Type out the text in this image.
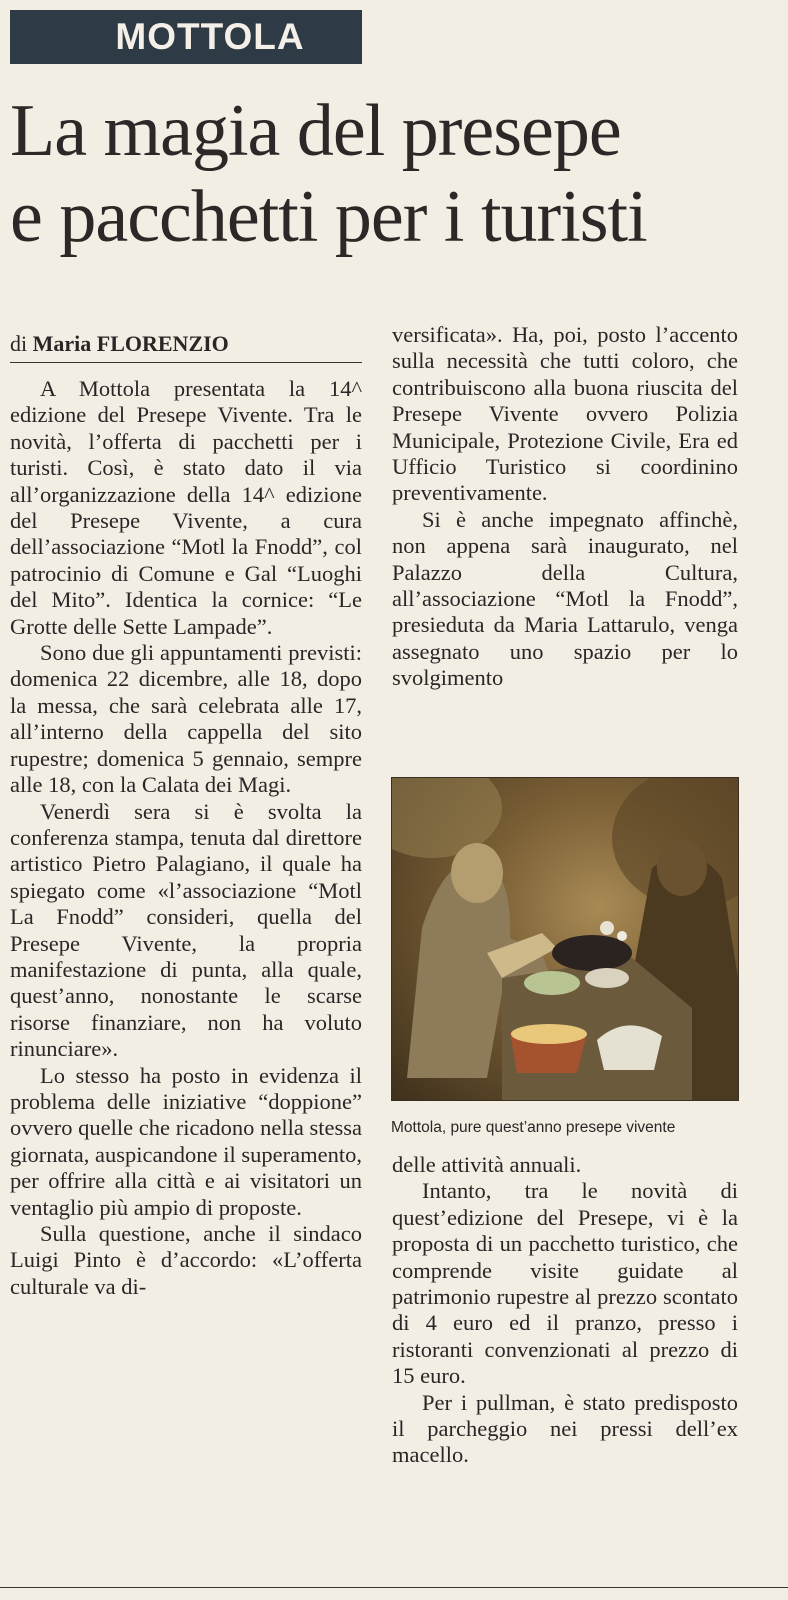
MOTTOLA
La magia del presepe
e pacchetti per i turisti
di Maria FLORENZIO

A Mottola presentata la 14^ edizione del Presepe Vivente. Tra le novità, l’offerta di pacchetti per i turisti. Così, è stato dato il via all’organizzazione della 14^ edizione del Presepe Vivente, a cura dell’associazione “Motl la Fnodd”, col patrocinio di Comune e Gal “Luoghi del Mito”. Identica la cornice: “Le Grotte delle Sette Lampade”.

Sono due gli appuntamenti previsti: domenica 22 dicembre, alle 18, dopo la messa, che sarà celebrata alle 17, all’interno della cappella del sito rupestre; domenica 5 gennaio, sempre alle 18, con la Calata dei Magi.

Venerdì sera si è svolta la conferenza stampa, tenuta dal direttore artistico Pietro Palagiano, il quale ha spiegato come «l’associazione “Motl La Fnodd” consideri, quella del Presepe Vivente, la propria manifestazione di punta, alla quale, quest’anno, nonostante le scarse risorse finanziare, non ha voluto rinunciare».

Lo stesso ha posto in evidenza il problema delle iniziative “doppione” ovvero quelle che ricadono nella stessa giornata, auspicandone il superamento, per offrire alla città e ai visitatori un ventaglio più ampio di proposte.

Sulla questione, anche il sindaco Luigi Pinto è d’accordo: «L’offerta culturale va di-

versificata». Ha, poi, posto l’accento sulla necessità che tutti coloro, che contribuiscono alla buona riuscita del Presepe Vivente ovvero Polizia Municipale, Protezione Civile, Era ed Ufficio Turistico si coordinino preventivamente.

Si è anche impegnato affinchè, non appena sarà inaugurato, nel Palazzo della Cultura, all’associazione “Motl la Fnodd”, presieduta da Maria Lattarulo, venga assegnato uno spazio per lo svolgimento

Mottola, pure quest’anno presepe vivente

delle attività annuali.

Intanto, tra le novità di quest’edizione del Presepe, vi è la proposta di un pacchetto turistico, che comprende visite guidate al patrimonio rupestre al prezzo scontato di 4 euro ed il pranzo, presso i ristoranti convenzionati al prezzo di 15 euro.

Per i pullman, è stato predisposto il parcheggio nei pressi dell’ex macello.
